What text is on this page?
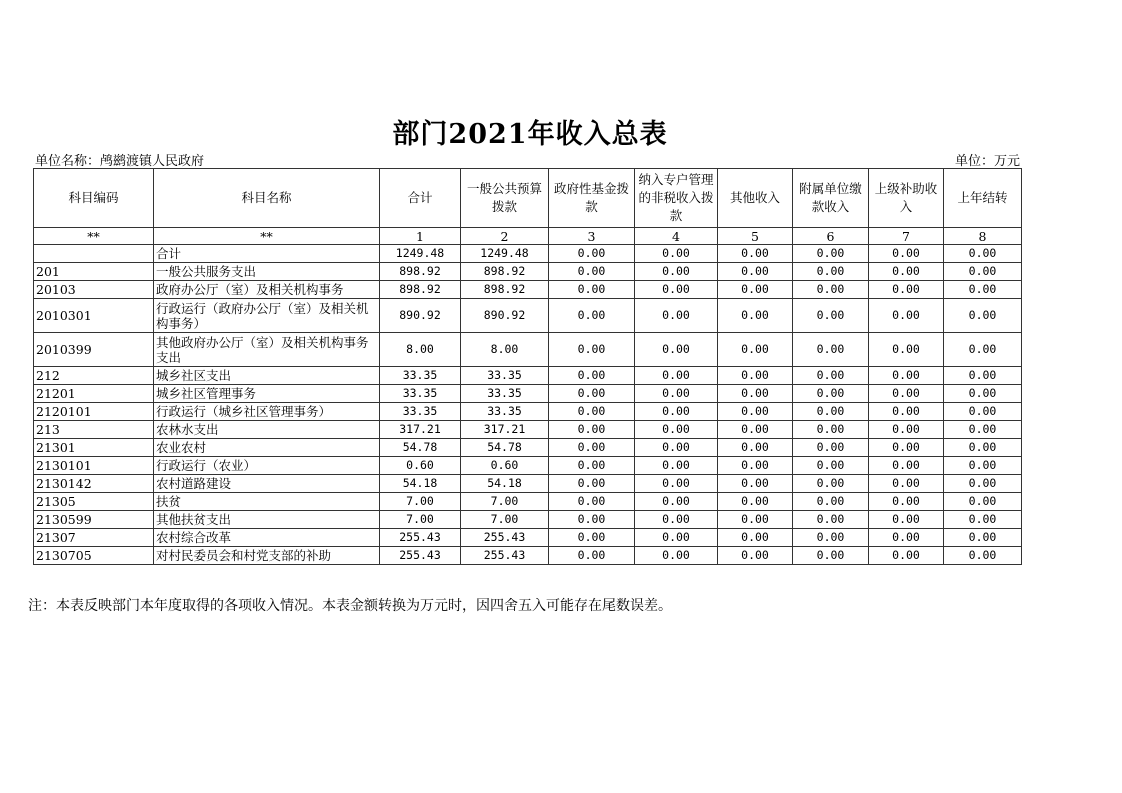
部门2021年收入总表
单位名称：鸬鹚渡镇人民政府	单位：万元
科目编码	科目名称	合计	一般公共预算拨款	政府性基金拨款	纳入专户管理的非税收入拨款	其他收入	附属单位缴款收入	上级补助收入	上年结转
**	**	1	2	3	4	5	6	7	8
	合计	1249.48	1249.48	0.00	0.00	0.00	0.00	0.00	0.00
201	一般公共服务支出	898.92	898.92	0.00	0.00	0.00	0.00	0.00	0.00
20103	政府办公厅（室）及相关机构事务	898.92	898.92	0.00	0.00	0.00	0.00	0.00	0.00
2010301	行政运行（政府办公厅（室）及相关机构事务）	890.92	890.92	0.00	0.00	0.00	0.00	0.00	0.00
2010399	其他政府办公厅（室）及相关机构事务支出	8.00	8.00	0.00	0.00	0.00	0.00	0.00	0.00
212	城乡社区支出	33.35	33.35	0.00	0.00	0.00	0.00	0.00	0.00
21201	城乡社区管理事务	33.35	33.35	0.00	0.00	0.00	0.00	0.00	0.00
2120101	行政运行（城乡社区管理事务）	33.35	33.35	0.00	0.00	0.00	0.00	0.00	0.00
213	农林水支出	317.21	317.21	0.00	0.00	0.00	0.00	0.00	0.00
21301	农业农村	54.78	54.78	0.00	0.00	0.00	0.00	0.00	0.00
2130101	行政运行（农业）	0.60	0.60	0.00	0.00	0.00	0.00	0.00	0.00
2130142	农村道路建设	54.18	54.18	0.00	0.00	0.00	0.00	0.00	0.00
21305	扶贫	7.00	7.00	0.00	0.00	0.00	0.00	0.00	0.00
2130599	其他扶贫支出	7.00	7.00	0.00	0.00	0.00	0.00	0.00	0.00
21307	农村综合改革	255.43	255.43	0.00	0.00	0.00	0.00	0.00	0.00
2130705	对村民委员会和村党支部的补助	255.43	255.43	0.00	0.00	0.00	0.00	0.00	0.00
注：本表反映部门本年度取得的各项收入情况。本表金额转换为万元时，因四舍五入可能存在尾数误差。
